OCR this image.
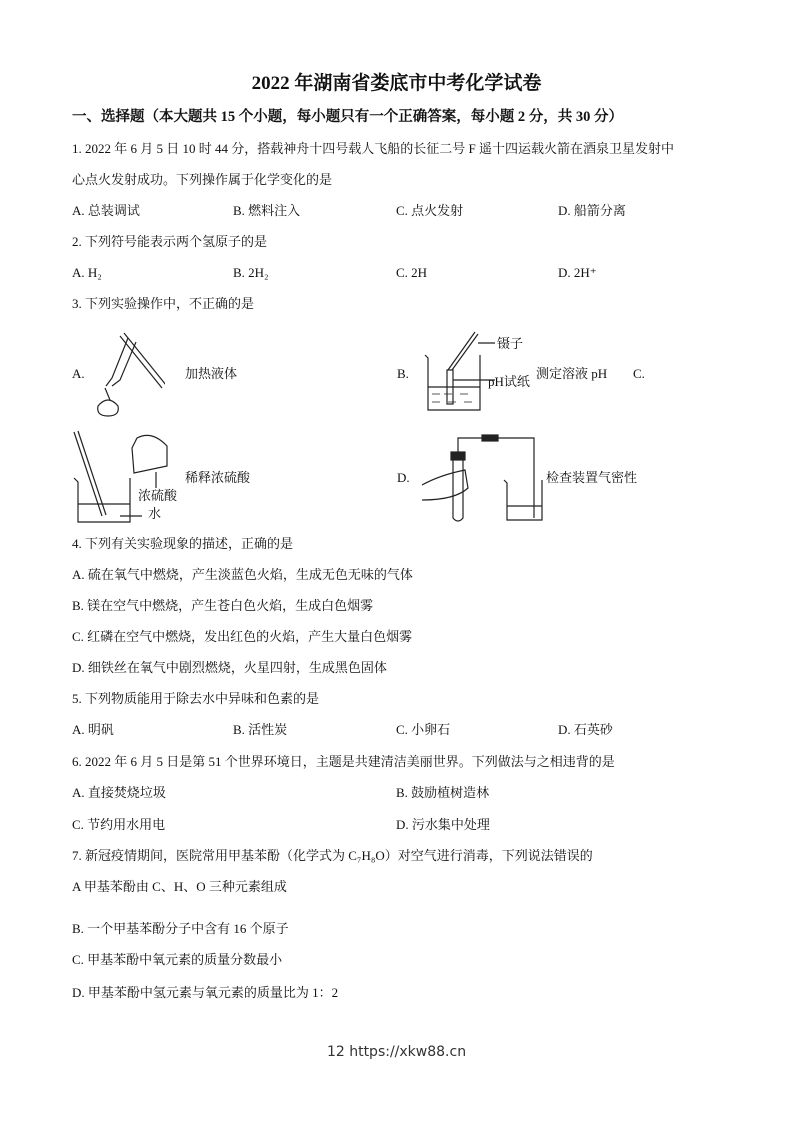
2022 年湖南省娄底市中考化学试卷
一、选择题（本大题共 15 个小题，每小题只有一个正确答案，每小题 2 分，共 30 分）
1. 2022 年 6 月 5 日 10 时 44 分，搭载神舟十四号载人飞船的长征二号 F 遥十四运载火箭在酒泉卫星发射中
心点火发射成功。下列操作属于化学变化的是
A. 总装调试	B. 燃料注入	C. 点火发射	D. 船箭分离
2. 下列符号能表示两个氢原子的是
A. H₂	B. 2H₂	C. 2H	D. 2H⁺
3. 下列实验操作中，不正确的是
A.	加热液体	B.
镊子
pH试纸
测定溶液 pH C.
浓硫酸
水
稀释浓硫酸	D.	检查装置气密性
4. 下列有关实验现象的描述，正确的是
A. 硫在氧气中燃烧，产生淡蓝色火焰，生成无色无味的气体
B. 镁在空气中燃烧，产生苍白色火焰，生成白色烟雾
C. 红磷在空气中燃烧，发出红色的火焰，产生大量白色烟雾
D. 细铁丝在氧气中剧烈燃烧，火星四射，生成黑色固体
5. 下列物质能用于除去水中异味和色素的是
A. 明矾	B. 活性炭	C. 小卵石	D. 石英砂
6. 2022 年 6 月 5 日是第 51 个世界环境日，主题是共建清洁美丽世界。下列做法与之相违背的是
A. 直接焚烧垃圾	B. 鼓励植树造林
C. 节约用水用电	D. 污水集中处理
7. 新冠疫情期间，医院常用甲基苯酚（化学式为 C₇H₈O）对空气进行消毒，下列说法错误的
A 甲基苯酚由 C、H、O 三种元素组成
B. 一个甲基苯酚分子中含有 16 个原子
C. 甲基苯酚中氧元素的质量分数最小
D. 甲基苯酚中氢元素与氧元素的质量比为 1：2
12 https://xkw88.cn
